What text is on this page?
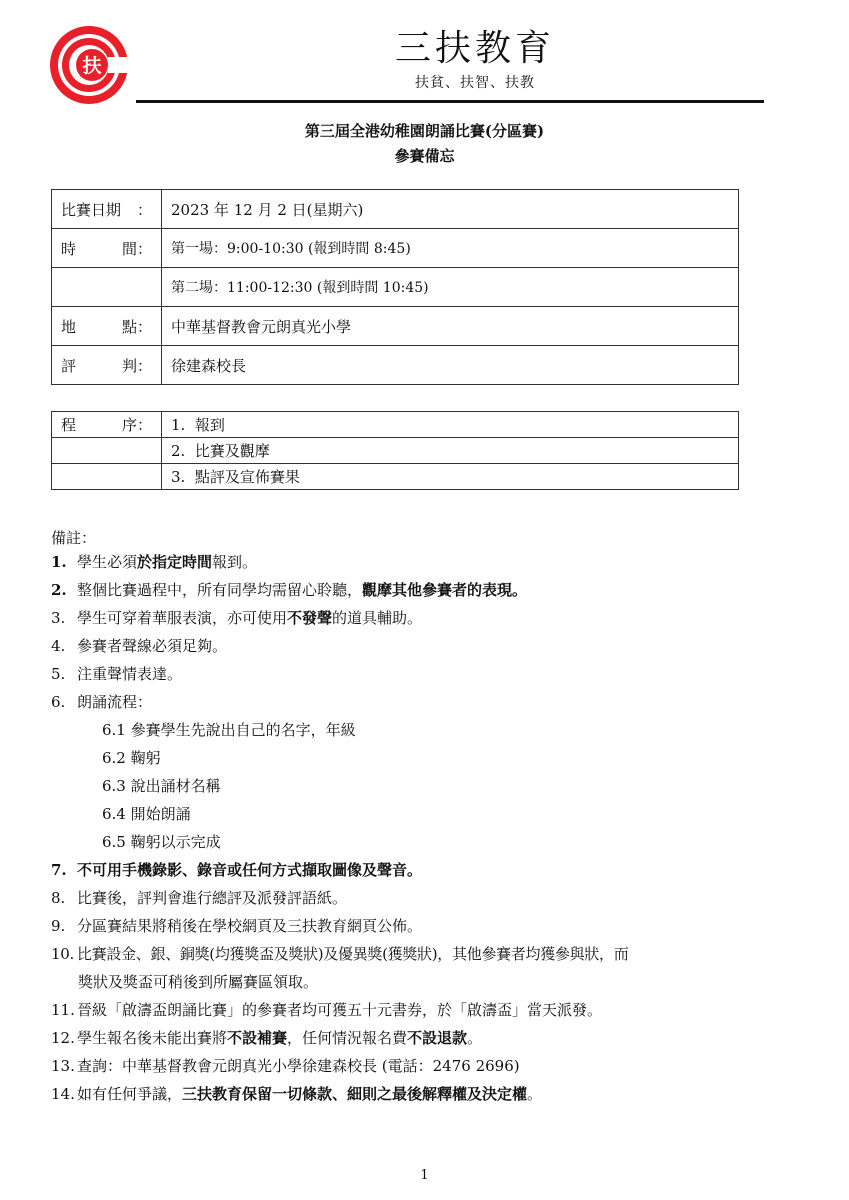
扶	三扶教育
扶貧、扶智、扶教
第三屆全港幼稚園朗誦比賽(分區賽)
參賽備忘
比賽日期 ：	2023 年 12 月 2 日(星期六)

時 間：	第一場：9:00-10:30 (報到時間 8:45)
	第二場：11:00-12:30 (報到時間 10:45)

地 點：	中華基督教會元朗真光小學

評 判：	徐建森校長
程 序：	1.  報到
	2.  比賽及觀摩
	3.  點評及宣佈賽果
備註：
1. 學生必須於指定時間報到。
2. 整個比賽過程中，所有同學均需留心聆聽，觀摩其他參賽者的表現。
3. 學生可穿着華服表演，亦可使用不發聲的道具輔助。
4. 參賽者聲線必須足夠。
5. 注重聲情表達。
6. 朗誦流程：
6.1 參賽學生先說出自己的名字，年級
6.2 鞠躬
6.3 說出誦材名稱
6.4 開始朗誦
6.5 鞠躬以示完成
7. 不可用手機錄影、錄音或任何方式擷取圖像及聲音。
8. 比賽後，評判會進行總評及派發評語紙。
9. 分區賽結果將稍後在學校網頁及三扶教育網頁公佈。
10. 比賽設金、銀、銅獎(均獲獎盃及獎狀)及優異獎(獲獎狀)，其他參賽者均獲參與狀，而
獎狀及獎盃可稍後到所屬賽區領取。
11. 晉級「啟濤盃朗誦比賽」的參賽者均可獲五十元書券，於「啟濤盃」當天派發。
12. 學生報名後未能出賽將不設補賽，任何情況報名費不設退款。
13. 查詢：中華基督教會元朗真光小學徐建森校長 (電話：2476 2696)
14. 如有任何爭議，三扶教育保留一切條款、細則之最後解釋權及決定權。
1
